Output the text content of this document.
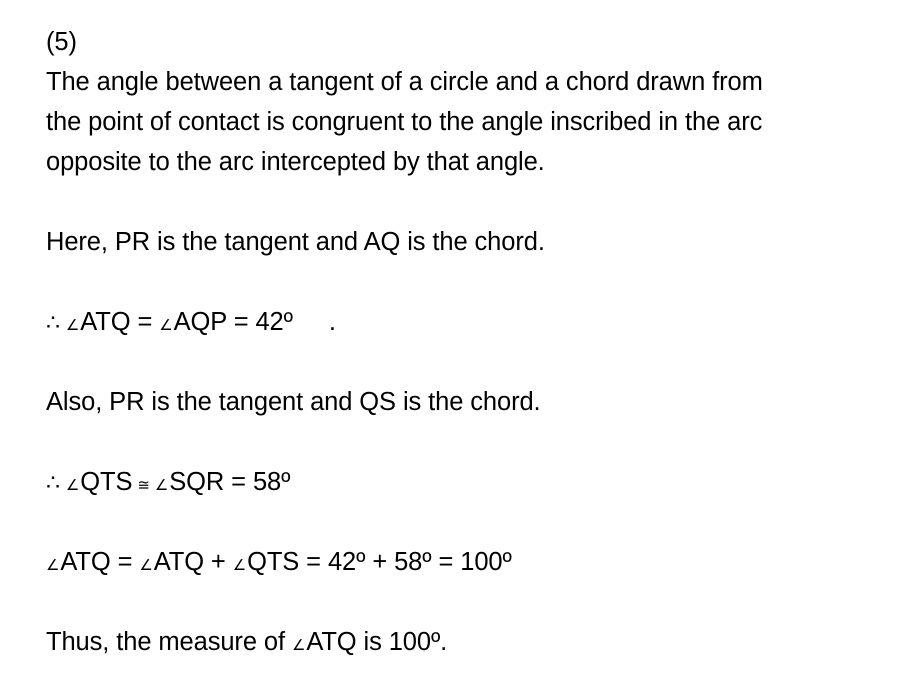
(5)
The angle between a tangent of a circle and a chord drawn from
the point of contact is congruent to the angle inscribed in the arc
opposite to the arc intercepted by that angle.
Here, PR is the tangent and AQ is the chord.
∴ ∠ATQ = ∠AQP = 42º .
Also, PR is the tangent and QS is the chord.
∴ ∠QTS ≅ ∠SQR = 58º
∠ATQ = ∠ATQ + ∠QTS = 42º + 58º = 100º
Thus, the measure of ∠ATQ is 100º.
